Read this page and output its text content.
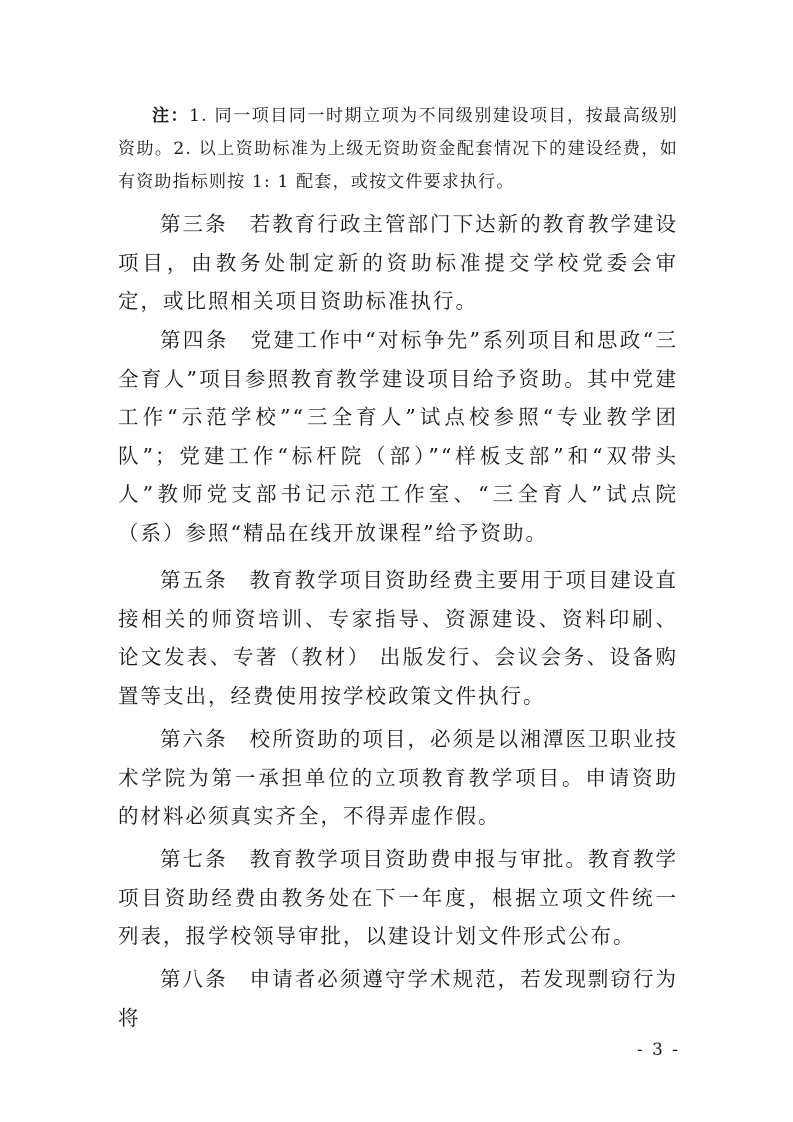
注：1. 同一项目同一时期立项为不同级别建设项目，按最高级别资助。2. 以上资助标准为上级无资助资金配套情况下的建设经费，如有资助指标则按 1: 1 配套，或按文件要求执行。

第三条 若教育行政主管部门下达新的教育教学建设项目，由教务处制定新的资助标准提交学校党委会审定，或比照相关项目资助标准执行。

第四条 党建工作中“对标争先”系列项目和思政“三全育人”项目参照教育教学建设项目给予资助。其中党建工作“示范学校”“三全育人”试点校参照“专业教学团队”；党建工作“标杆院（部）”“样板支部”和“双带头人”教师党支部书记示范工作室、“三全育人”试点院（系）参照“精品在线开放课程”给予资助。

第五条 教育教学项目资助经费主要用于项目建设直接相关的师资培训、专家指导、资源建设、资料印刷、论文发表、专著（教材） 出版发行、会议会务、设备购置等支出，经费使用按学校政策文件执行。

第六条 校所资助的项目，必须是以湘潭医卫职业技术学院为第一承担单位的立项教育教学项目。申请资助的材料必须真实齐全，不得弄虚作假。

第七条 教育教学项目资助费申报与审批。教育教学项目资助经费由教务处在下一年度，根据立项文件统一列表，报学校领导审批，以建设计划文件形式公布。

第八条 申请者必须遵守学术规范，若发现剽窃行为将

- 3 -
